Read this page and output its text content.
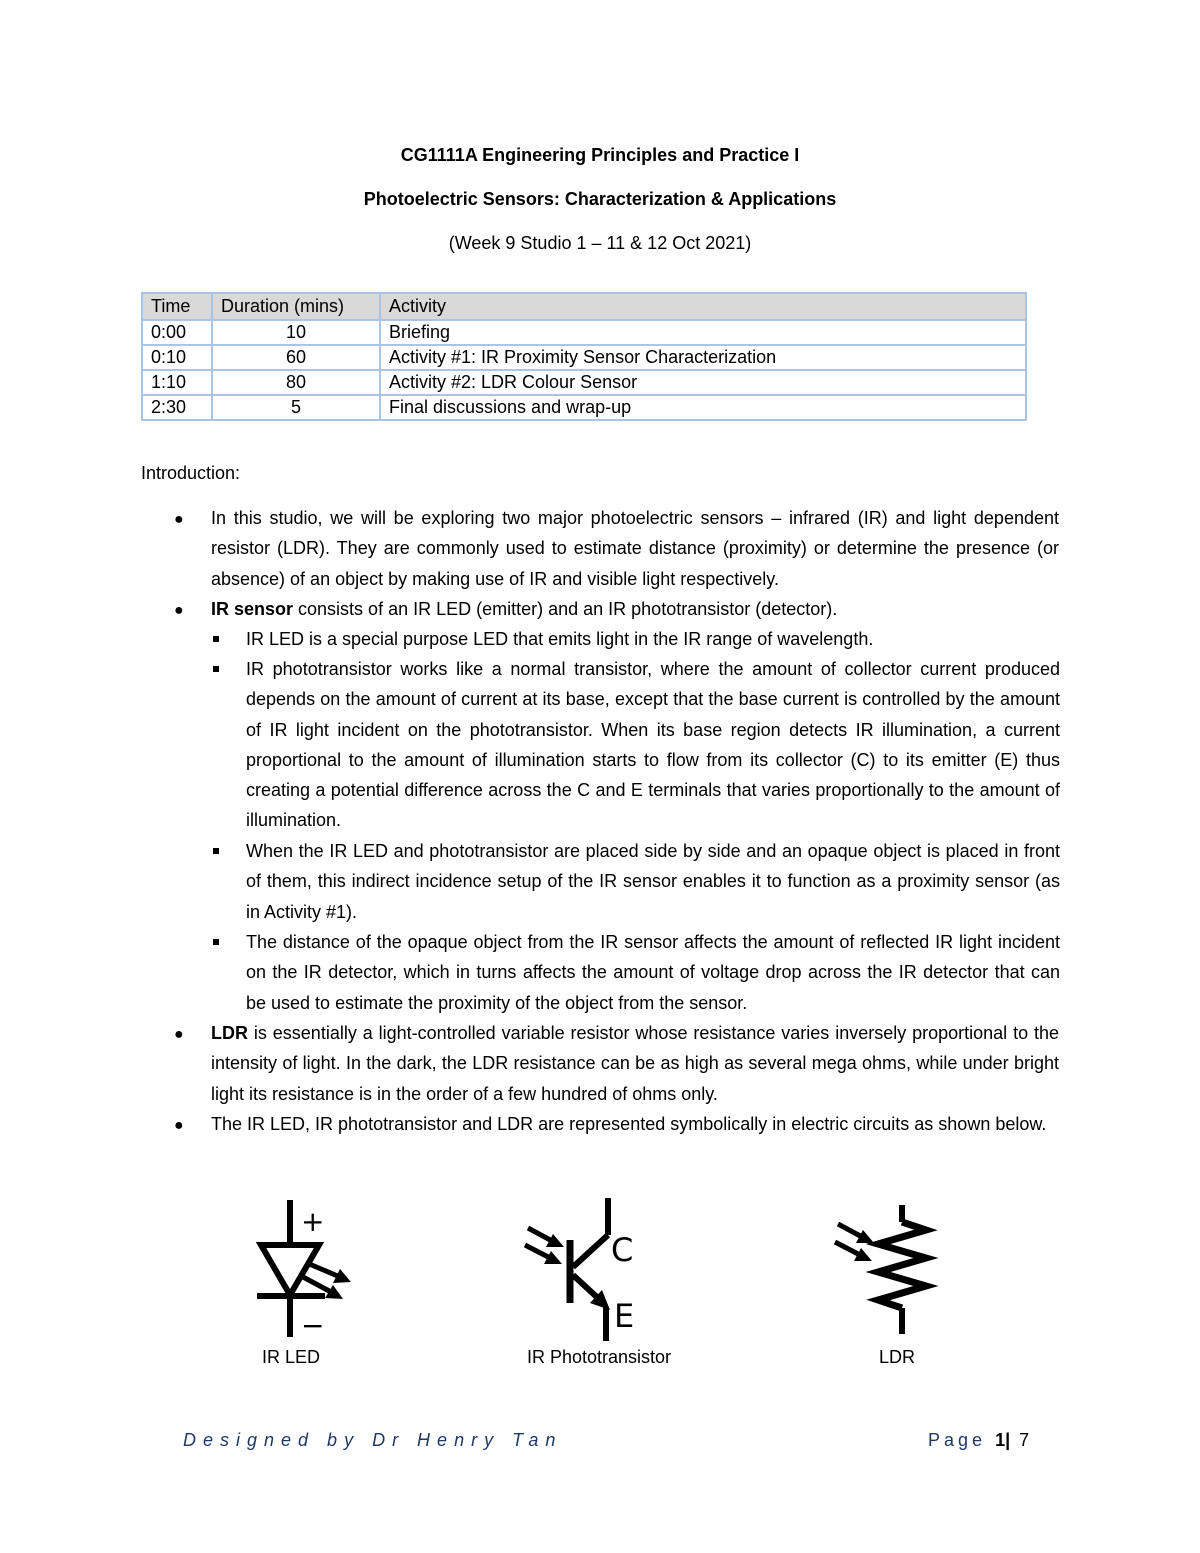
CG1111A Engineering Principles and Practice I
Photoelectric Sensors: Characterization & Applications
(Week 9 Studio 1 – 11 & 12 Oct 2021)
Time	Duration (mins)	Activity
0:00	10	Briefing
0:10	60	Activity #1: IR Proximity Sensor Characterization
1:10	80	Activity #2: LDR Colour Sensor
2:30	5	Final discussions and wrap-up
Introduction:
● In this studio, we will be exploring two major photoelectric sensors – infrared (IR) and light dependent resistor (LDR). They are commonly used to estimate distance (proximity) or determine the presence (or absence) of an object by making use of IR and visible light respectively.
● IR sensor consists of an IR LED (emitter) and an IR phototransistor (detector).
IR LED is a special purpose LED that emits light in the IR range of wavelength.
IR phototransistor works like a normal transistor, where the amount of collector current produced depends on the amount of current at its base, except that the base current is controlled by the amount of IR light incident on the phototransistor. When its base region detects IR illumination, a current proportional to the amount of illumination starts to flow from its collector (C) to its emitter (E) thus creating a potential difference across the C and E terminals that varies proportionally to the amount of illumination.
When the IR LED and phototransistor are placed side by side and an opaque object is placed in front of them, this indirect incidence setup of the IR sensor enables it to function as a proximity sensor (as in Activity #1).
The distance of the opaque object from the IR sensor affects the amount of reflected IR light incident on the IR detector, which in turns affects the amount of voltage drop across the IR detector that can be used to estimate the proximity of the object from the sensor.
● LDR is essentially a light-controlled variable resistor whose resistance varies inversely proportional to the intensity of light. In the dark, the LDR resistance can be as high as several mega ohms, while under bright light its resistance is in the order of a few hundred of ohms only.
● The IR LED, IR phototransistor and LDR are represented symbolically in electric circuits as shown below.
+
−
C
E
IR LED	IR Phototransistor	LDR
Designed by Dr Henry Tan	Page 1| 7
